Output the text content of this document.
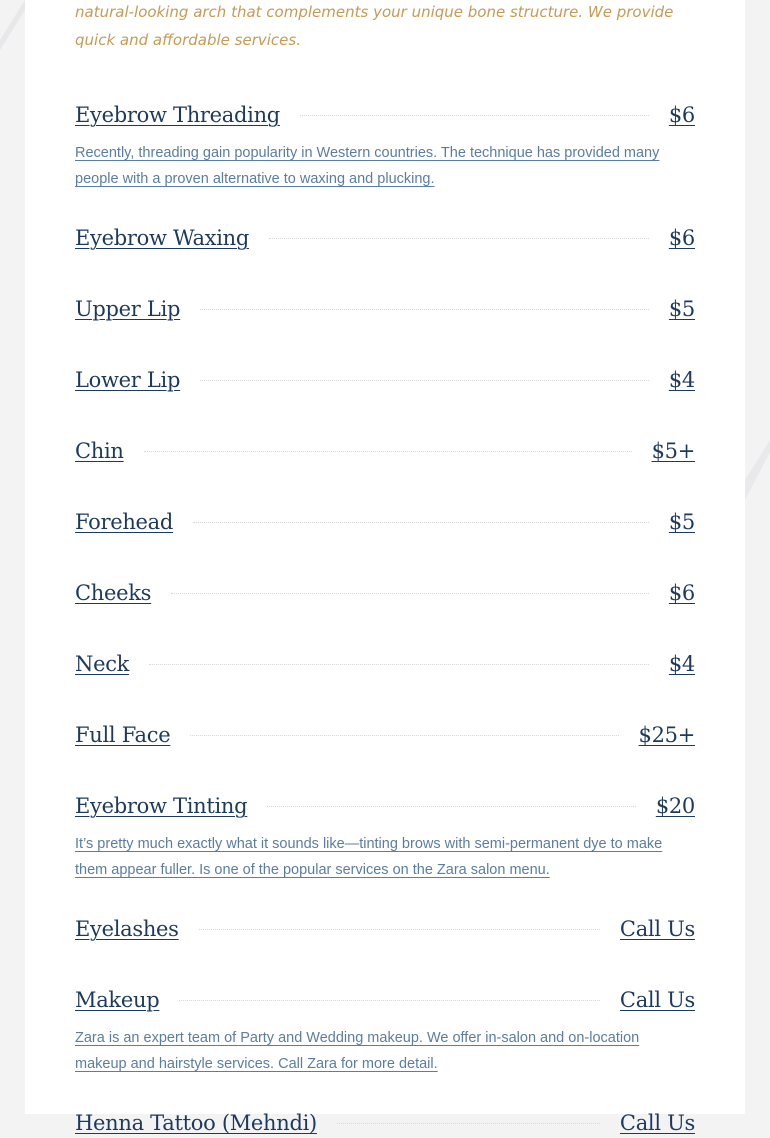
natural-looking arch that complements your unique bone structure. We provide quick and affordable services.

Eyebrow Threading	$6

Recently, threading gain popularity in Western countries. The technique has provided many people with a proven alternative to waxing and plucking.

Eyebrow Waxing	$6
Upper Lip	$5
Lower Lip	$4
Chin	$5+
Forehead	$5
Cheeks	$6
Neck	$4
Full Face	$25+
Eyebrow Tinting	$20

It’s pretty much exactly what it sounds like—tinting brows with semi-permanent dye to make them appear fuller. Is one of the popular services on the Zara salon menu.

Eyelashes	Call Us
Makeup	Call Us

Zara is an expert team of Party and Wedding makeup. We offer in-salon and on-location makeup and hairstyle services. Call Zara for more detail.

Henna Tattoo (Mehndi)	Call Us
